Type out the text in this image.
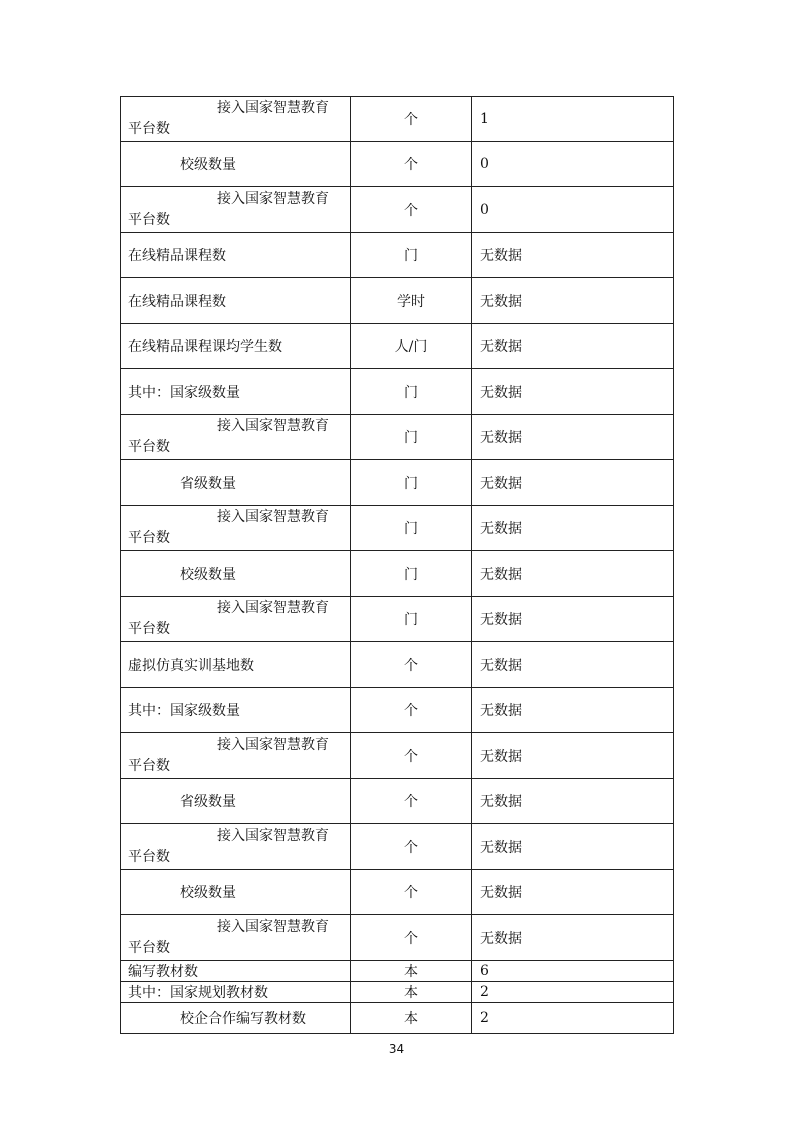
接入国家智慧教育
平台数	个	1
校级数量	个	0

接入国家智慧教育
平台数	个	0
在线精品课程数	门	无数据
在线精品课程数	学时	无数据
在线精品课程课均学生数	人/门	无数据
其中：国家级数量	门	无数据

接入国家智慧教育
平台数	门	无数据
省级数量	门	无数据

接入国家智慧教育
平台数	门	无数据
校级数量	门	无数据

接入国家智慧教育
平台数	门	无数据
虚拟仿真实训基地数	个	无数据
其中：国家级数量	个	无数据

接入国家智慧教育
平台数	个	无数据
省级数量	个	无数据

接入国家智慧教育
平台数	个	无数据
校级数量	个	无数据

接入国家智慧教育
平台数	个	无数据
编写教材数	本	6
其中：国家规划教材数	本	2
校企合作编写教材数	本	2
34
